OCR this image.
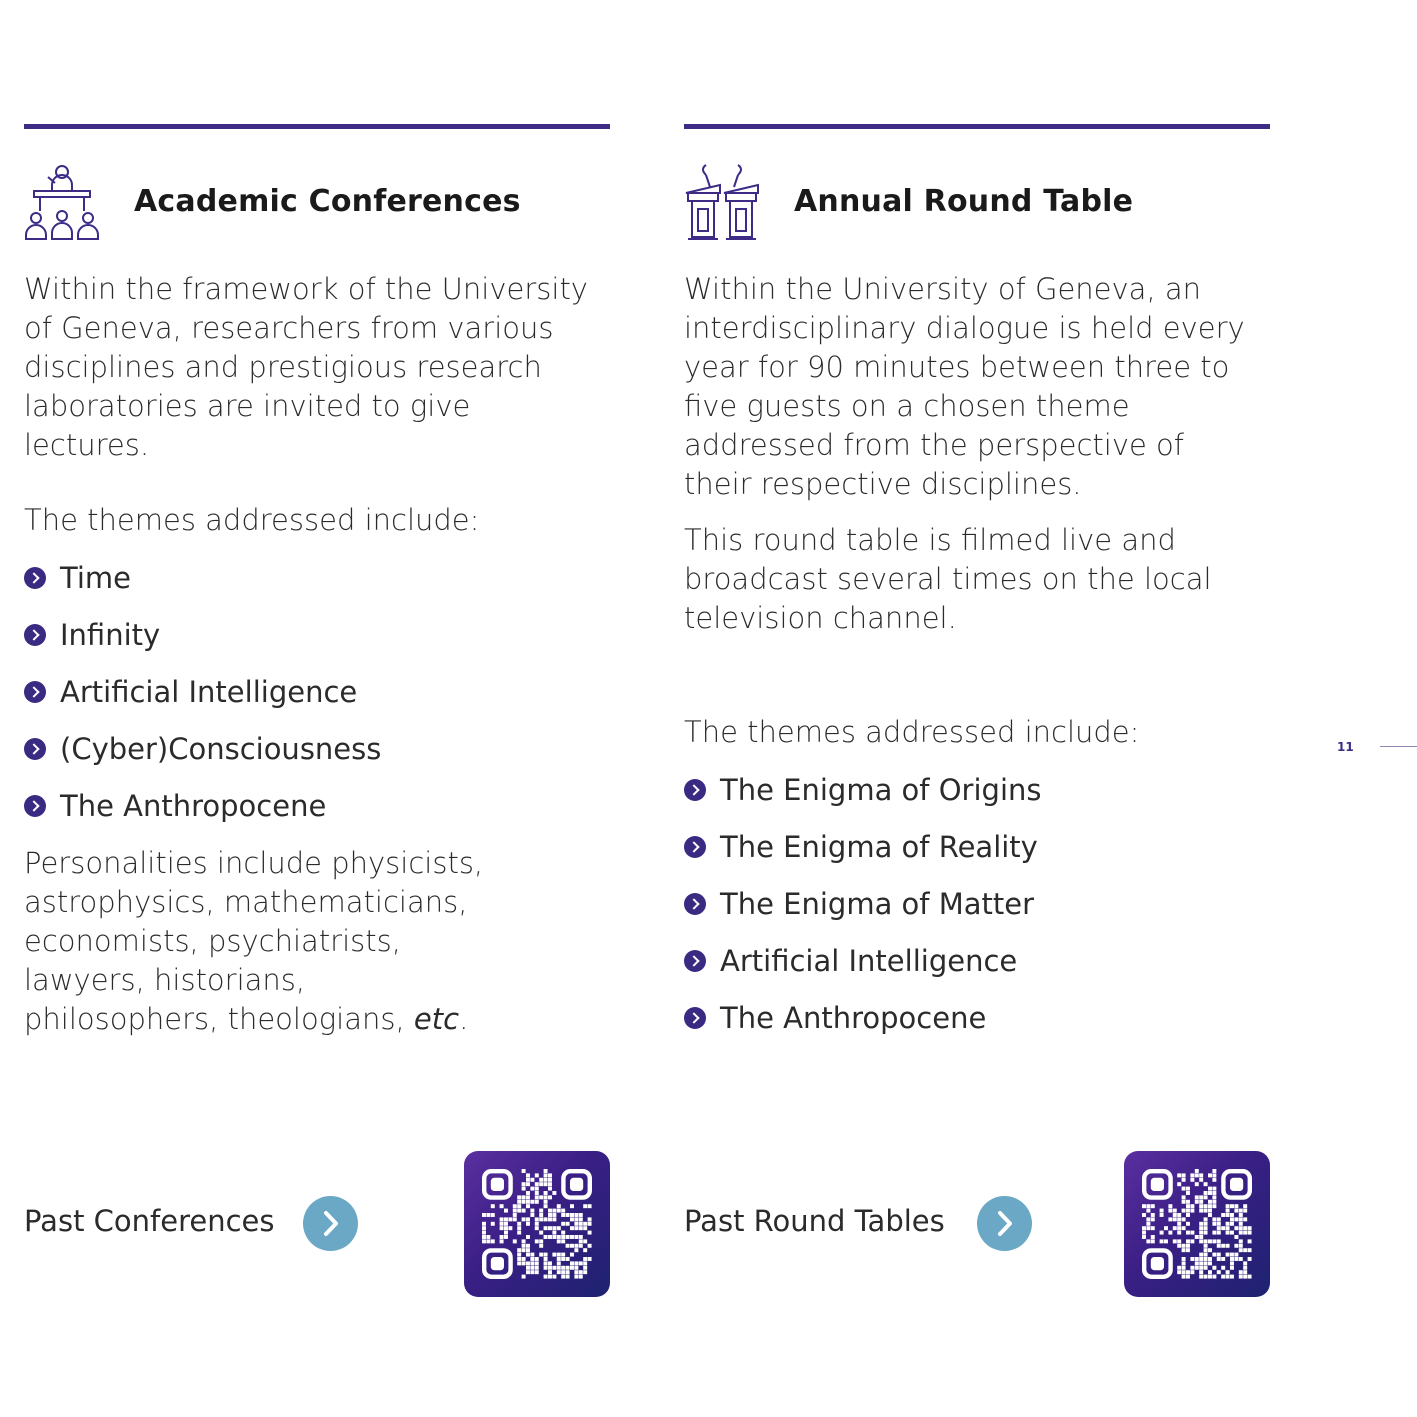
Academic Conferences
Within the framework of the University of Geneva, researchers from various disciplines and prestigious research laboratories are invited to give lectures.
The themes addressed include:
Time
Infinity
Artificial Intelligence
(Cyber)Consciousness
The Anthropocene
Personalities include physicists, astrophysics, mathematicians, economists, psychiatrists, lawyers, historians, philosophers, theologians, etc.
Past Conferences
Annual Round Table
Within the University of Geneva, an interdisciplinary dialogue is held every year for 90 minutes between three to five guests on a chosen theme addressed from the perspective of their respective disciplines.
This round table is filmed live and broadcast several times on the local television channel.
The themes addressed include:
The Enigma of Origins
The Enigma of Reality
The Enigma of Matter
Artificial Intelligence
The Anthropocene
Past Round Tables
11
